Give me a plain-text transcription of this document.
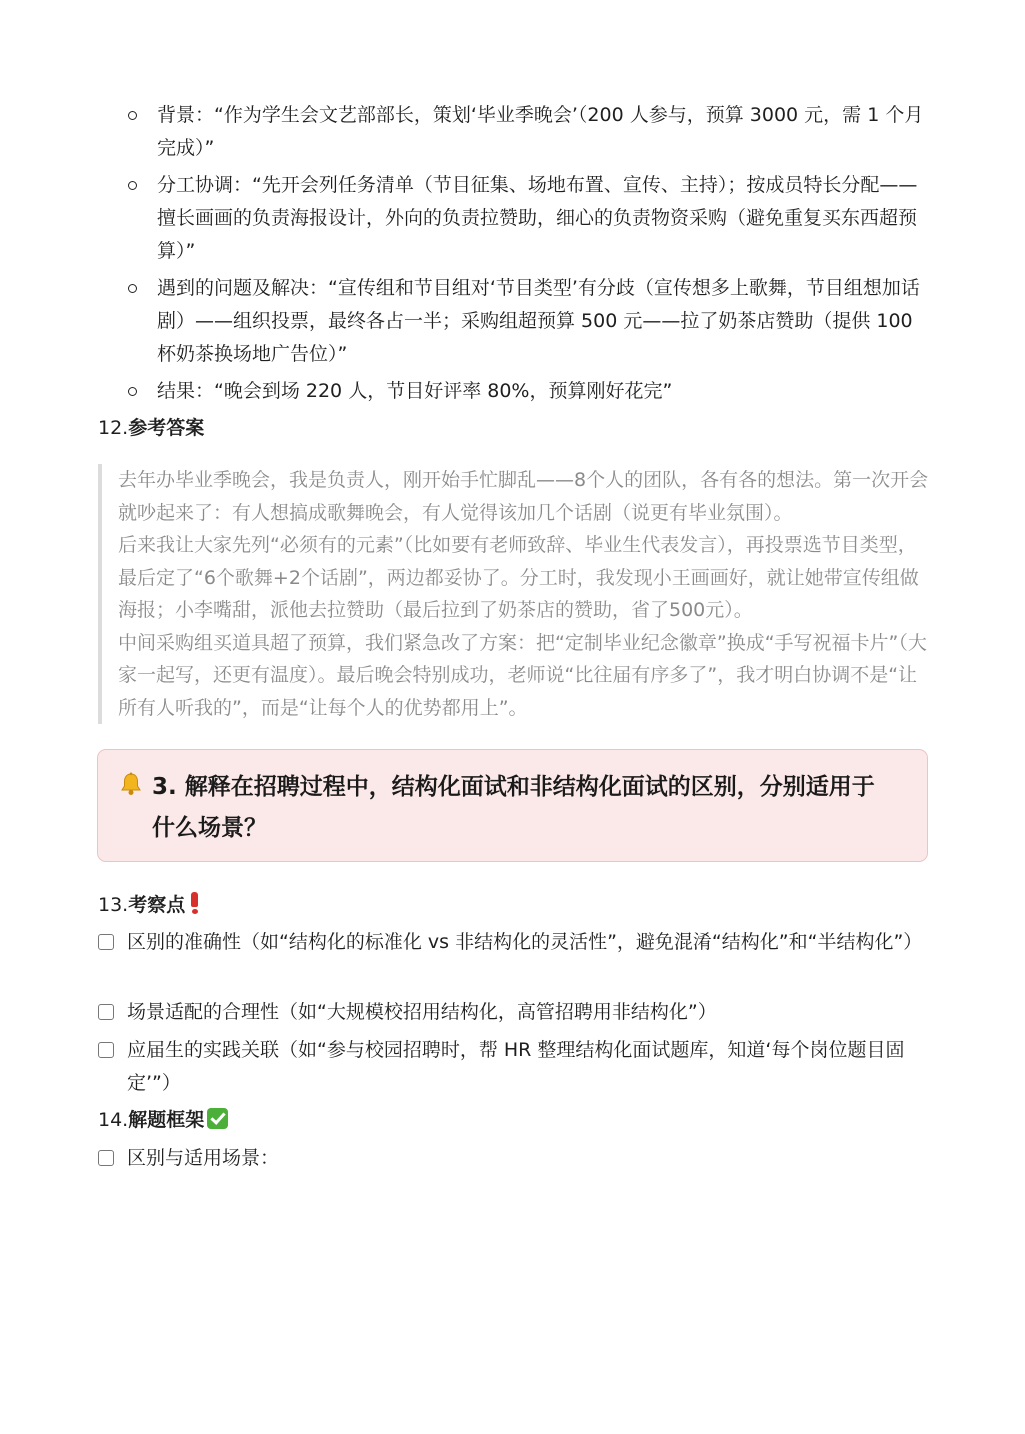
背景：“作为学生会文艺部部长，策划‘毕业季晚会’（200 人参与，预算 3000 元，需 1 个月完成）”
分工协调：“先开会列任务清单（节目征集、场地布置、宣传、主持）；按成员特长分配——擅长画画的负责海报设计，外向的负责拉赞助，细心的负责物资采购（避免重复买东西超预算）”
遇到的问题及解决：“宣传组和节目组对‘节目类型’有分歧（宣传想多上歌舞，节目组想加话剧）——组织投票，最终各占一半；采购组超预算 500 元——拉了奶茶店赞助（提供 100 杯奶茶换场地广告位）”
结果：“晚会到场 220 人，节目好评率 80%，预算刚好花完”
12.参考答案

去年办毕业季晚会，我是负责人，刚开始手忙脚乱——8个人的团队，各有各的想法。第一次开会就吵起来了：有人想搞成歌舞晚会，有人觉得该加几个话剧（说更有毕业氛围）。

后来我让大家先列“必须有的元素”（比如要有老师致辞、毕业生代表发言），再投票选节目类型，最后定了“6个歌舞+2个话剧”，两边都妥协了。分工时，我发现小王画画好，就让她带宣传组做海报；小李嘴甜，派他去拉赞助（最后拉到了奶茶店的赞助，省了500元）。

中间采购组买道具超了预算，我们紧急改了方案：把“定制毕业纪念徽章”换成“手写祝福卡片”（大家一起写，还更有温度）。最后晚会特别成功，老师说“比往届有序多了”，我才明白协调不是“让所有人听我的”，而是“让每个人的优势都用上”。

3. 解释在招聘过程中，结构化面试和非结构化面试的区别，分别适用于什么场景？
13.考察点
区别的准确性（如“结构化的标准化 vs 非结构化的灵活性”，避免混淆“结构化”和“半结构化”）
场景适配的合理性（如“大规模校招用结构化，高管招聘用非结构化”）
应届生的实践关联（如“参与校园招聘时，帮 HR 整理结构化面试题库，知道‘每个岗位题目固定’”）
14.解题框架
区别与适用场景：
